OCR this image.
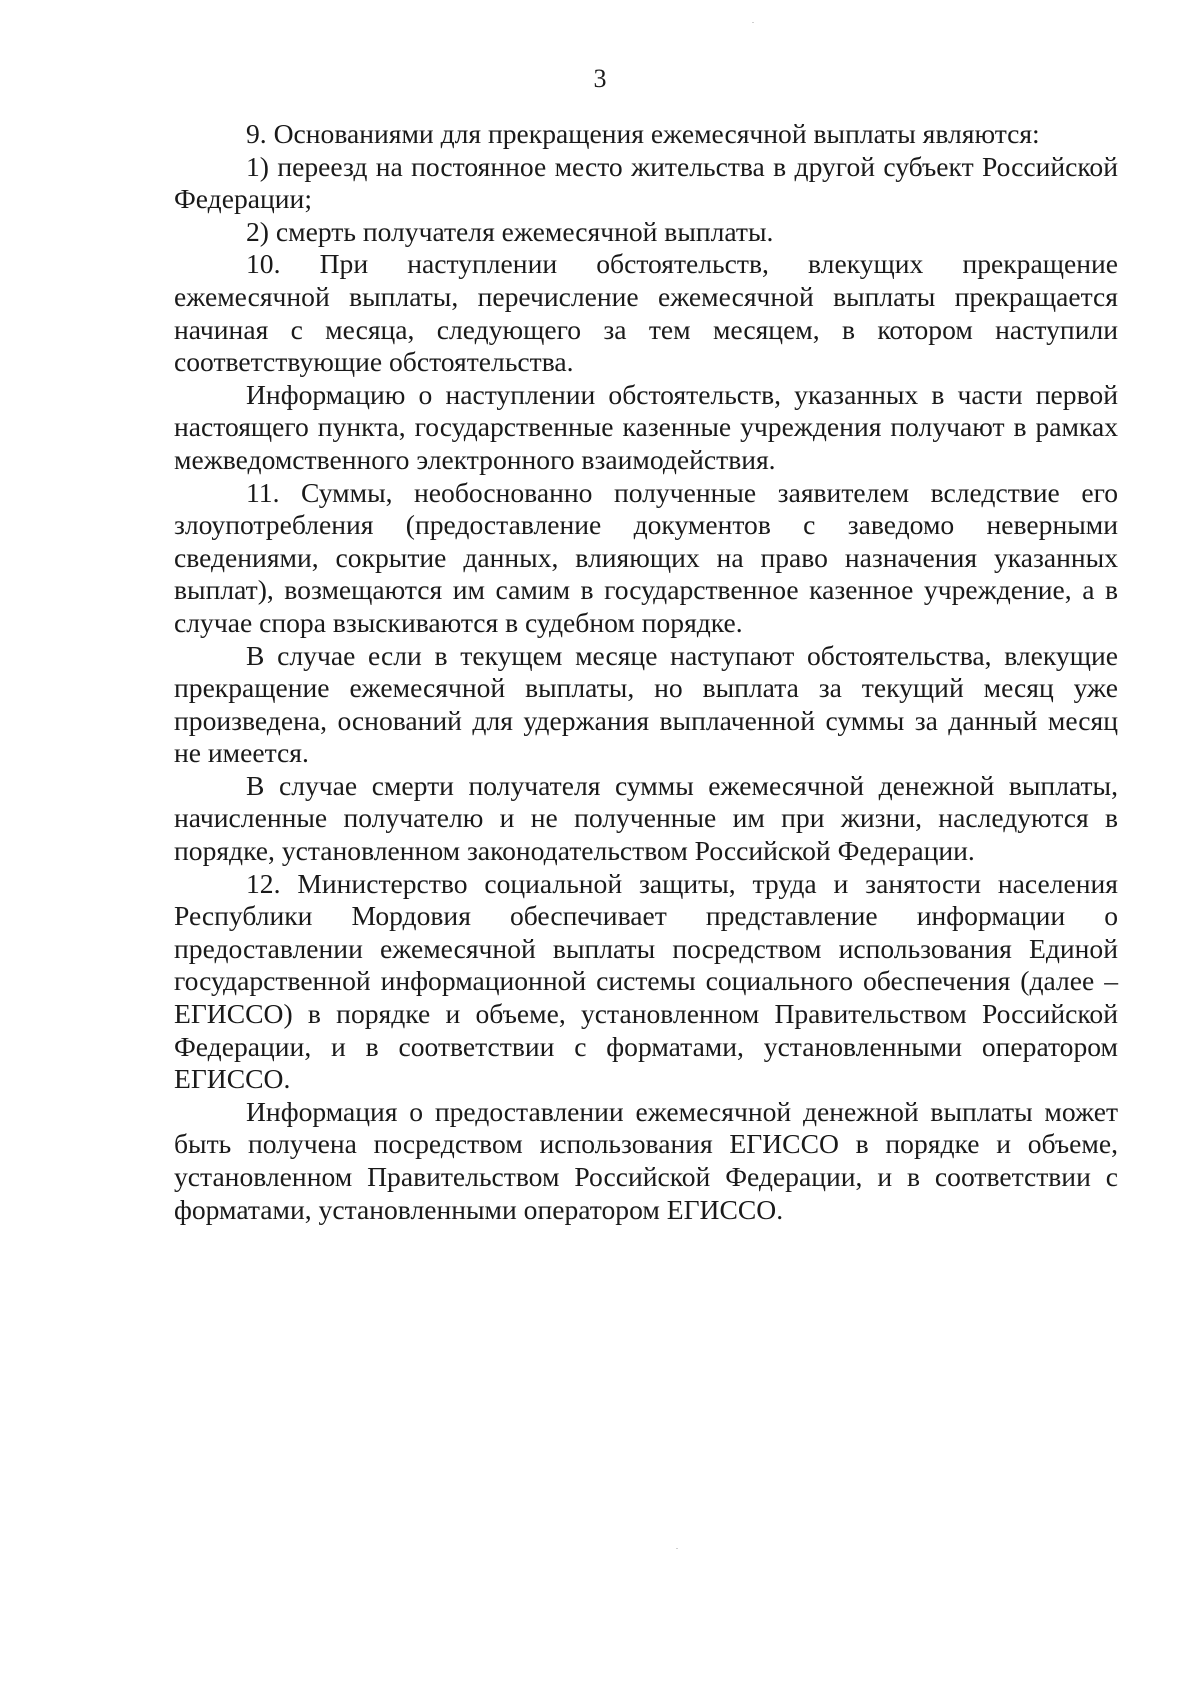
3

9. Основаниями для прекращения ежемесячной выплаты являются:

1) переезд на постоянное место жительства в другой субъект Российской Федерации;

2) смерть получателя ежемесячной выплаты.

10. При наступлении обстоятельств, влекущих прекращение ежемесячной выплаты, перечисление ежемесячной выплаты прекращается начиная с месяца, следующего за тем месяцем, в котором наступили соответствующие обстоятельства.

Информацию о наступлении обстоятельств, указанных в части первой настоящего пункта, государственные казенные учреждения получают в рамках межведомственного электронного взаимодействия.

11. Суммы, необоснованно полученные заявителем вследствие его злоупотребления (предоставление документов с заведомо неверными сведениями, сокрытие данных, влияющих на право назначения указанных выплат), возмещаются им самим в государственное казенное учреждение, а в случае спора взыскиваются в судебном порядке.

В случае если в текущем месяце наступают обстоятельства, влекущие прекращение ежемесячной выплаты, но выплата за текущий месяц уже произведена, оснований для удержания выплаченной суммы за данный месяц не имеется.

В случае смерти получателя суммы ежемесячной денежной выплаты, начисленные получателю и не полученные им при жизни, наследуются в порядке, установленном законодательством Российской Федерации.

12. Министерство социальной защиты, труда и занятости населения Республики Мордовия обеспечивает представление информации о предоставлении ежемесячной выплаты посредством использования Единой государственной информационной системы социального обеспечения (далее – ЕГИССО) в порядке и объеме, установленном Правительством Российской Федерации, и в соответствии с форматами, установленными оператором ЕГИССО.

Информация о предоставлении ежемесячной денежной выплаты может быть получена посредством использования ЕГИССО в порядке и объеме, установленном Правительством Российской Федерации, и в соответствии с форматами, установленными оператором ЕГИССО.
